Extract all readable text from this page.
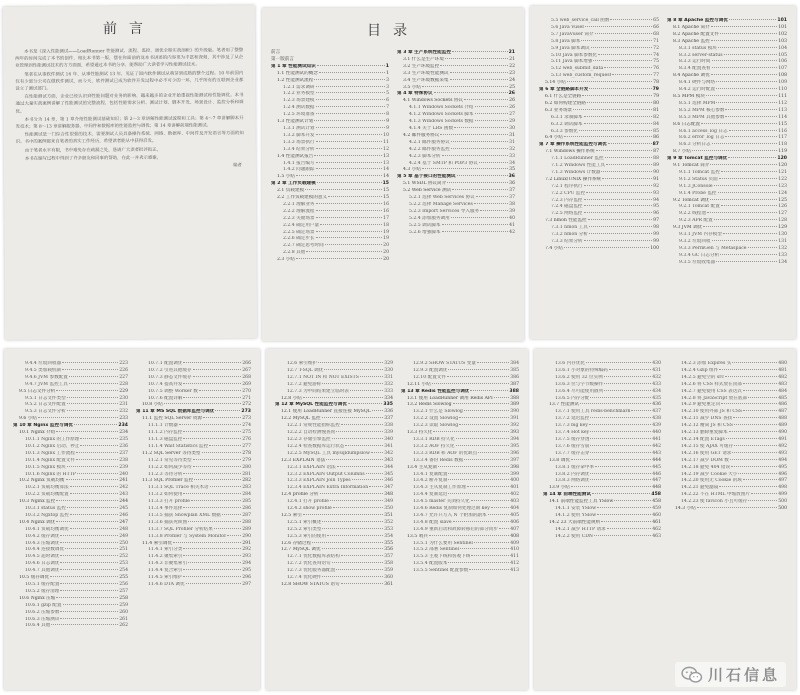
前言

本书是《深入性能测试——LoadRunner 性能测试、流程、监控、调优全程实战剖析》的升级版。笔者用了整整两年的时间完成了本书的创作，相比本书第一版，摆在你面前的这本书讲述的内容更为丰富和深刻，其中涉及了从企业管理到性能测试技术的方方面面，希望通过本书的分享，能帮助广大读者学习性能测试技术。

笔者在从事软件测试 16 年、从事性能测试 13 年，见证了国内软件测试从萌芽到成熟的整个过程。10 年前国内仅有少部分公司在做软件测试，而今天，软件测试已成为软件开发过程中必不可少的一环，几乎所有的互联网企业都设立了测试部门。

在性能测试方面，企业已经认识到性能问题对业务的影响，越来越多的企业开始重视性能测试和性能调优。本书通过大量实战案例讲解了性能测试的完整流程，包括性能需求分析、测试计划、脚本开发、场景设计、监控分析和调优。

本书分为 14 章，第 1 章介绍性能测试基础知识；第 2～3 章讲解性能测试流程和工具；第 4～7 章讲解脚本开发技术；第 8～13 章讲解服务器、中间件和数据库的性能监控与调优；第 14 章讲解前端性能测试。

性能测试是一门综合性很强的技术，需要测试人员具备操作系统、网络、数据库、中间件及开发语言等方面的知识。书中的案例都来自笔者的真实工作经历，希望读者能从中获得启发。

由于笔者水平有限，书中难免存在疏漏之处，恳请广大读者批评指正。

本书在编写过程中得到了许多朋友和同事的帮助，在此一并表示感谢。

编者
目录
前言
第一版前言
第 1 章 性能测试知识	1
1.1 性能测试的概念	1
1.2 性能测试流程	3
1.2.1 需求调研	3
1.2.2 业务模型	5
1.2.3 场景建模	6
1.2.4 测试数据	7
1.2.5 环境准备	8
1.3 性能测试计划	9
1.3.1 测试计划	9
1.3.2 脚本开发	10
1.3.3 场景执行	11
1.3.4 结果分析	12
1.4 性能测试报告	13
1.4.1 报告编写	13
1.4.2 问题跟踪	14
1.5 小结	14
第 2 章 工作负载建模	15
2.1 负载建模	15
2.2 工作负载建模的意义	15
2.2.1 理解业务	16
2.2.2 理解流程	16
2.2.3 关键场景	17
2.2.4 确定用户量	18
2.2.5 确定场景	19
2.2.6 确定步长	19
2.2.7 确定思考时间	20
2.2.8 其他	20
2.3 小结	20
第 3 章 生产系统性能监控	21
3.1 什么是生产环境	21
3.2 生产环境监控	22
3.3 生产环境性能测试	23
3.4 生产环境数据采集	24
3.5 小结	25
第 4 章 特殊协议	26
4.1 Windows Sockets 协议	26
4.1.1 Windows Sockets 介绍	26
4.1.2 Windows Sockets 脚本	27
4.1.3 Windows Sockets 数据	29
4.1.4 关于 LRS 函数	30
4.2 邮件服务协议	31
4.2.1 邮件服务协议	31
4.2.2 邮件服务监控	32
4.2.3 脚本分析	33
4.2.4 基于 SMTP 和 POP3 协议	34
4.3 小结	35
第 5 章 基于接口的性能测试	36
5.1 WSDL 协议简介	36
5.2 Web Service 测试	37
5.2.1 选择 Web Services 协议	37
5.2.2 选择 Manage Services	38
5.2.3 Import Services 导入服务	39
5.2.4 添加服务调用	40
5.2.5 调试脚本	41
5.2.6 增强脚本	42
5.5 web_service_call 函数	65
5.6 Java Vuser	66
5.7 JavaVuser 简介	68
5.8 Java 脚本	71
5.9 Java 脚本调试	72
5.10 Java 脚本参数化	74
5.11 Java 脚本增强	75
5.12 web_submit_data	76
5.13 web_custom_request	77
5.14 小结	78
第 6 章 全链路脚本开发	79
6.1 什么是全链路	79
6.2 如何构建全链路	80
6.3 业务场景	81
6.3.1 录制脚本	82
6.3.2 调试脚本	84
6.3.3 参数化	85
6.4 小结	86
第 7 章 操作系统性能监控与调优	87
7.1 Windows 操作系统	87
7.1.1 LoadRunner 监控	88
7.1.2 Windows 性能工具	89
7.1.3 Windows 计数器	90
7.2 Linux/UNIX 操作系统	91
7.2.1 程序执行	92
7.2.2 CPU 监控	93
7.2.3 内存监控	94
7.2.4 磁盘监控	95
7.2.5 网络监控	96
7.3 nmon 性能监控	97
7.3.1 nmon 工具	98
7.3.2 nmon 分析	99
7.3.3 结果分析	99
7.4 小结	100
第 8 章 Apache 监控与调优	101
8.1 Apache 简介	101
8.2 Apache 配置文件	102
8.3 Apache 监控	103
8.3.1 status 模块	104
8.3.2 server-status	105
8.3.3 运行时间	106
8.3.4 配置查看	107
8.4 Apache 调优	108
8.4.1 硬件与网络	109
8.4.2 运行时配置	110
8.5 MPM 模块	111
8.5.1 选择 MPM	112
8.5.2 MPM 核心参数	113
8.5.3 MPM 其他参数	114
8.6 日志配置	115
8.6.1 access_log 日志	116
8.6.2 error_log 日志	117
8.6.3 分析日志	118
8.7 小结	119
第 9 章 Tomcat 监控与调优	120
9.1 Tomcat 简介	120
9.1.1 Tomcat 监控	121
9.1.2 Status 页面	122
9.1.3 JConsole	123
9.1.4 Probe 监控	124
9.2 Tomcat 调优	125
9.2.1 Tomcat 配置	126
9.2.2 线程池	127
9.2.3 APR 配置	128
9.3 JVM 调优	129
9.3.1 JVM 内存模型	130
9.3.2 垃圾回收	131
9.3.3 PermGen 与 Metaspace	132
9.3.4 GC 日志分析	133
9.3.5 垃圾收集器	134
9.4.4 垃圾回收器	223
9.4.5 类加载机制	226
9.4.6 JVM 参数配置	227
9.4.7 JVM 监控工具	228
9.5 日志文件分析	229
9.5.1 日志文件类型	230
9.5.2 日志文件配置	231
9.5.3 日志文件分析	232
9.6 小结	233
第 10 章 Nginx 监控与调优	234
10.1 Nginx 介绍	234
10.1.1 Nginx 的工作原理	235
10.1.2 Nginx 启动、停止	236
10.1.3 Nginx 工作流程	237
10.1.4 Nginx 配置文件	238
10.1.5 Nginx 模块	239
10.1.6 Nginx 的 HTTP	240
10.2 Nginx 负载均衡	241
10.2.1 负载均衡算法	242
10.2.2 负载均衡配置	243
10.3 Nginx 监控	244
10.3.1 status 监控	245
10.3.2 Ngxtop 监控	246
10.4 Nginx 调优	247
10.4.1 负载均衡调优	248
10.4.2 缓存调优	249
10.4.3 压缩调优	250
10.4.4 连接数调优	251
10.4.5 超时调优	252
10.4.6 日志调优	253
10.4.7 其他调优	254
10.5 缓存调优	255
10.5.1 缓存配置	256
10.5.2 缓存清理	257
10.6 Nginx 压缩	258
10.6.1 gzip 配置	259
10.6.2 压缩参数	260
10.6.3 压缩测试	261
10.6.4 其他	262
10.7.1 配置调优	266
10.7.2 引进其他缓存	267
10.7.3 静态文件缓存	268
10.7.4 提高并发	269
10.7.5 调整 Worker 数	270
10.7.6 配置详解	271
10.8 小结	272
第 11 章 MS SQL 数据库监控与调优	273
11.1 监控 SQL Server 资源	273
11.1.1 计数器	274
11.1.2 内存监控	275
11.1.3 磁盘监控	276
11.1.4 Wait Statistics 监控	277
11.2 SQL Server 等待类型	278
11.2.1 常见等待类型	279
11.2.2 如何减少等待	280
11.2.3 等待分析	281
11.3 SQL Profiler 监控	282
11.3.1 SQL Trace 相关术语	283
11.3.2 如何使用	284
11.3.3 打开 profile	285
11.3.4 事件选择	286
11.3.5 捕获 Showplan XML 数据	287
11.3.6 捕获死锁图	288
11.3.7 SQL Profiler 分析结果	289
11.3.8 Profiler 与 System Monitor	290
11.4 索引调优	291
11.4.1 索引分类	292
11.4.2 聚集索引	293
11.4.3 非聚集索引	294
11.4.4 复合索引	295
11.4.5 索引维护	296
11.4.6 DTA 调优	297
12.6 索引维护	329
12.7 T-SQL 调优	330
12.7.1 NOT IN 和 NOT EXISTS	331
12.7.2 避免游标	332
12.7.3 为中间结果建立临时表	333
12.8 小结	334
第 12 章 MySQL 性能监控与调优	335
12.1 使用 LoadRunner 直接连接 MySQL	336
12.2 MySQL 监控	337
12.2.1 常规性能指标监控	338
12.2.2 自动检测慢查询	339
12.2.3 存储引擎监控	340
12.2.4 检查数据库运行状态	341
12.2.5 MySQL 工具 mysqldumpslow	342
12.3 EXPLAIN 语法	343
12.3.1 EXPLAIN 语法	344
12.3.2 EXPLAIN Output Columns	345
12.3.3 EXPLAIN Join Types	346
12.3.4 EXPLAIN Extra Information	347
12.4 profile 分析	348
12.4.1 打开 profile	349
12.4.2 show profile	350
12.5 索引	351
12.5.1 索引概述	352
12.5.2 索引类型	353
12.5.3 索引的使用	354
12.6 存储过程	355
12.7 MySQL 调优	356
12.7.1 优化数据库表结构	357
12.7.2 优化查询语句	358
12.7.3 优化服务器配置	359
12.7.4 优化硬件	360
12.8 SHOW STATUS 语句	361
12.9.2 SHOW STATUS 变量	384
12.9.3 配置调优	385
12.10 配置文件	386
12.11 小结	387
第 13 章 Redis 性能监控与调优	388
13.1 使用 LoadRunner 调用 Redis API	388
13.2 Redis Slowlog	389
13.2.1 什么是 Slowlog	390
13.2.2 设置 Slowlog	391
13.2.3 读取 Slowlog	392
13.3 持久化	393
13.3.1 RDB 持久化	394
13.3.2 AOF 持久化	395
13.3.3 RDB 和 AOF 的优缺点	396
13.3.4 备份 Redis 数据	397
13.4 主从复制	398
13.4.1 复制配置	399
13.4.2 断开复制	400
13.4.3 主从复制工作原理	401
13.4.4 复制延迟	402
13.4.5 master 关闭持久化	403
13.4.6 Redis 复制如何处理过期 key	404
13.4.7 允许只写入 N 个附加的副本	405
13.4.8 配置 slave	406
13.4.9 重新启动和故障转移后的部分同步	407
13.5 哨兵	408
13.5.1 为什么要用 Sentinel	409
13.5.2 部署 Sentinel	410
13.5.3 主观下线和客观下线	411
13.5.4 配置版本	412
13.5.5 Sentinel 配置参数	413
13.6 内存优化	430
13.6.1 小对象的特殊编码	431
13.6.2 使用 32 位实例	432
13.6.3 位与字节级操作	433
13.6.4 尽可能使用散列	434
13.6.5 内存分配	435
13.7 性能测试	436
13.7.1 使用工具 redis-benchmark	437
13.7.2 延迟监控	438
13.7.3 big key	439
13.7.4 Hot key	440
13.7.5 缓存穿透	441
13.7.6 缓存雪崩	442
13.7.7 缓存击穿	443
13.8 调优	444
13.8.1 缓存命中率	445
13.8.2 内存调优	446
13.8.3 网络调优	447
13.9 小结	448
第 14 章 前端性能测试	458
14.1 前端性能监控工具 YSlow	458
14.1.1 安装 YSlow	459
14.1.2 使用 YSlow	460
14.2 23 大前端性能规则	461
14.2.1 减少 HTTP 请求	462
14.2.2 使用 CDN	463
14.2.3 添加 Expires 头	480
14.2.4 Gzip 组件	481
14.2.5 避免空的 src	482
14.2.6 将 CSS 样式放在顶部	483
14.2.7 避免使用 CSS 表达式	484
14.2.8 将 JavaScript 放在底部	485
14.2.9 避免重定向	486
14.2.10 使用外部 JS 和 CSS	487
14.2.11 减少 DNS 查找	488
14.2.12 精简 JS 和 CSS	489
14.2.13 删除重复脚本	490
14.2.14 配置 ETags	491
14.2.15 使 AJAX 可缓存	492
14.2.16 使用 GET 请求	493
14.2.17 减少 DOM 数	494
14.2.18 避免 404 错误	495
14.2.19 减少 Cookie 大小	496
14.2.20 使用无 Cookie 的域	497
14.2.21 避免滤镜	498
14.2.22 不在 HTML 中缩放图片	499
14.2.23 使 favicon 小且可缓存	500
14.3 小结	500
川石信息
